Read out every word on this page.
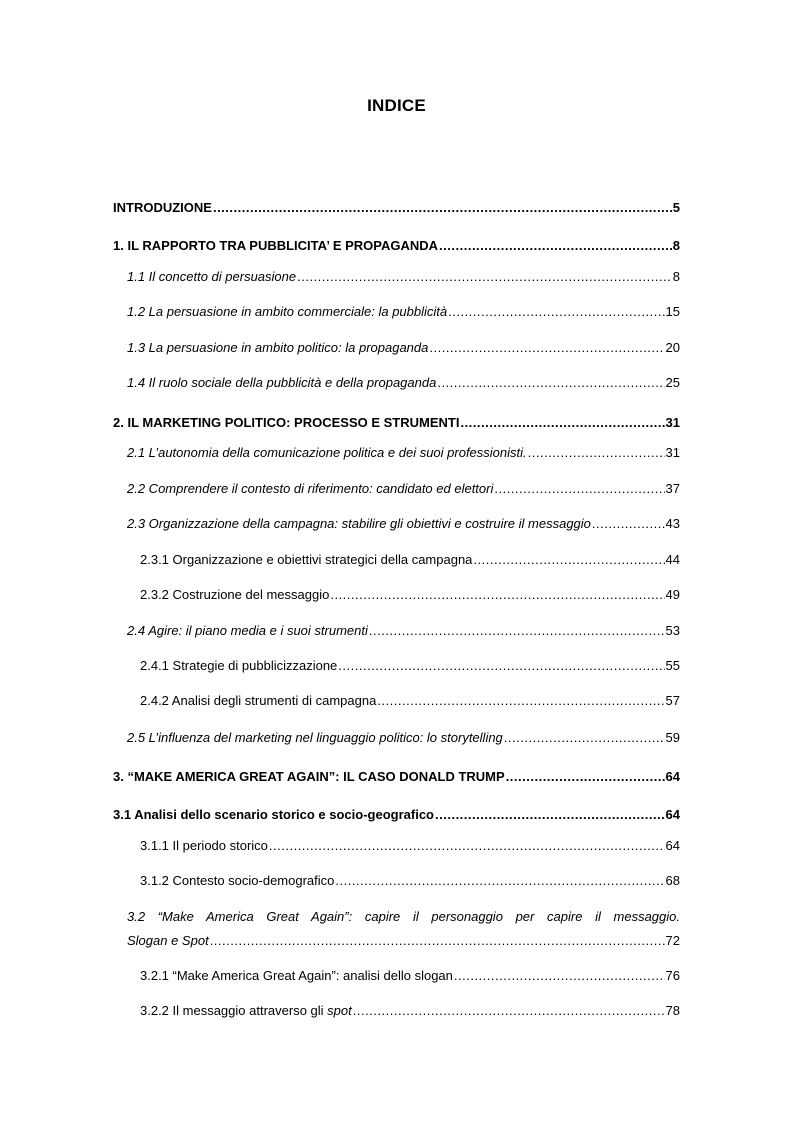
INDICE
INTRODUZIONE .....	5
1. IL RAPPORTO TRA PUBBLICITA’ E PROPAGANDA .....	8
1.1 Il concetto di persuasione .....	8
1.2 La persuasione in ambito commerciale: la pubblicità .....	15
1.3 La persuasione in ambito politico: la propaganda .....	20
1.4 Il ruolo sociale della pubblicità e della propaganda .....	25
2. IL MARKETING POLITICO: PROCESSO E STRUMENTI .....	31
2.1 L’autonomia della comunicazione politica e dei suoi professionisti. .....	31
2.2 Comprendere il contesto di riferimento: candidato ed elettori .....	37
2.3 Organizzazione della campagna: stabilire gli obiettivi e costruire il messaggio .....	43
2.3.1 Organizzazione e obiettivi strategici della campagna .....	44
2.3.2 Costruzione del messaggio .....	49
2.4 Agire: il piano media e i suoi strumenti .....	53
2.4.1 Strategie di pubblicizzazione .....	55
2.4.2 Analisi degli strumenti di campagna .....	57
2.5 L’influenza del marketing nel linguaggio politico: lo storytelling .....	59
3. “MAKE AMERICA GREAT AGAIN”: IL CASO DONALD TRUMP .....	64
3.1 Analisi dello scenario storico e socio-geografico .....	64
3.1.1 Il periodo storico .....	64
3.1.2 Contesto socio-demografico .....	68
3.2 “Make America Great Again”: capire il personaggio per capire il messaggio.
Slogan e Spot .....	72
3.2.1 “Make America Great Again”: analisi dello slogan .....	76
3.2.2 Il messaggio attraverso gli spot .....	78
